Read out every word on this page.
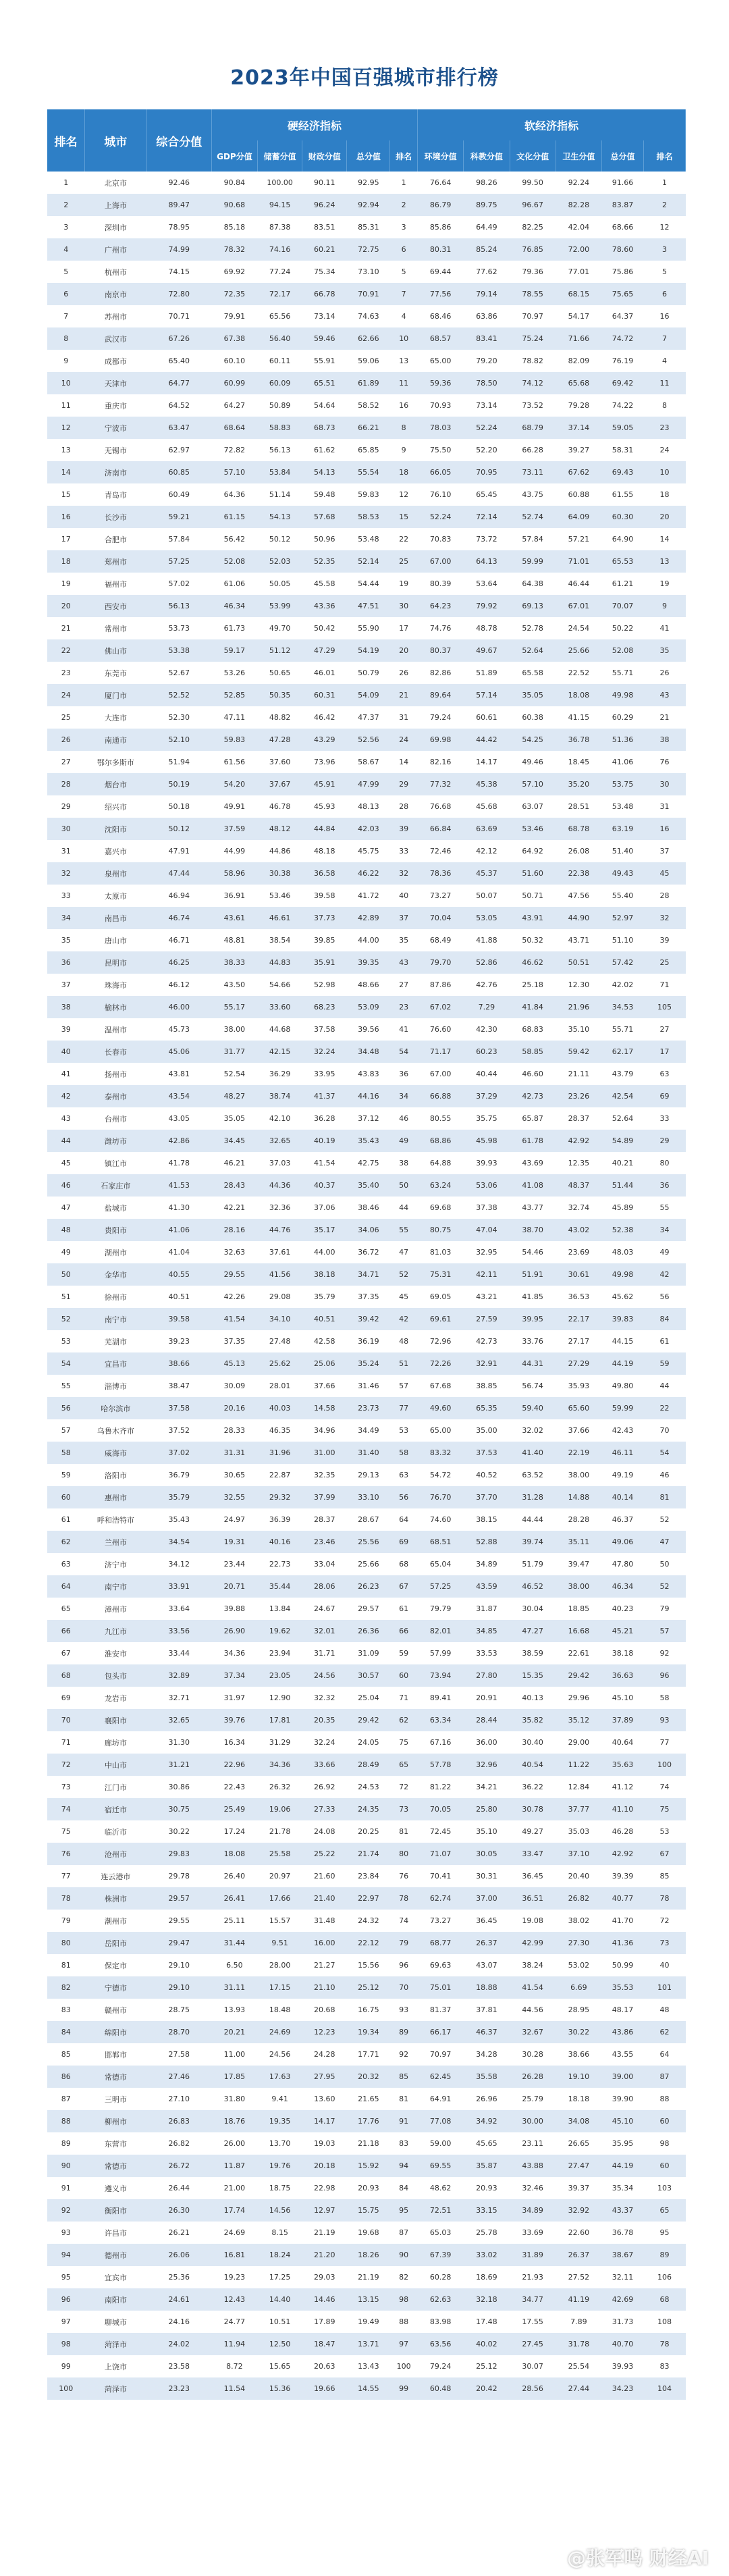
2023年中国百强城市排行榜
排名	城市	综合分值	硬经济指标					软经济指标					
			GDP分值	储蓄分值	财政分值	总分值	排名	环境分值	科教分值	文化分值	卫生分值	总分值	排名
1	北京市	92.46	90.84	100.00	90.11	92.95	1	76.64	98.26	99.50	92.24	91.66	1
2	上海市	89.47	90.68	94.15	96.24	92.94	2	86.79	89.75	96.67	82.28	83.87	2
3	深圳市	78.95	85.18	87.38	83.51	85.31	3	85.86	64.49	82.25	42.04	68.66	12
4	广州市	74.99	78.32	74.16	60.21	72.75	6	80.31	85.24	76.85	72.00	78.60	3
5	杭州市	74.15	69.92	77.24	75.34	73.10	5	69.44	77.62	79.36	77.01	75.86	5
6	南京市	72.80	72.35	72.17	66.78	70.91	7	77.56	79.14	78.55	68.15	75.65	6
7	苏州市	70.71	79.91	65.56	73.14	74.63	4	68.46	63.86	70.97	54.17	64.37	16
8	武汉市	67.26	67.38	56.40	59.46	62.66	10	68.57	83.41	75.24	71.66	74.72	7
9	成都市	65.40	60.10	60.11	55.91	59.06	13	65.00	79.20	78.82	82.09	76.19	4
10	天津市	64.77	60.99	60.09	65.51	61.89	11	59.36	78.50	74.12	65.68	69.42	11
11	重庆市	64.52	64.27	50.89	54.64	58.52	16	70.93	73.14	73.52	79.28	74.22	8
12	宁波市	63.47	68.64	58.83	68.73	66.21	8	78.03	52.24	68.79	37.14	59.05	23
13	无锡市	62.97	72.82	56.13	61.62	65.85	9	75.50	52.20	66.28	39.27	58.31	24
14	济南市	60.85	57.10	53.84	54.13	55.54	18	66.05	70.95	73.11	67.62	69.43	10
15	青岛市	60.49	64.36	51.14	59.48	59.83	12	76.10	65.45	43.75	60.88	61.55	18
16	长沙市	59.21	61.15	54.13	57.68	58.53	15	52.24	72.14	52.74	64.09	60.30	20
17	合肥市	57.84	56.42	50.12	50.96	53.48	22	70.83	73.72	57.84	57.21	64.90	14
18	郑州市	57.25	52.08	52.03	52.35	52.14	25	67.00	64.13	59.99	71.01	65.53	13
19	福州市	57.02	61.06	50.05	45.58	54.44	19	80.39	53.64	64.38	46.44	61.21	19
20	西安市	56.13	46.34	53.99	43.36	47.51	30	64.23	79.92	69.13	67.01	70.07	9
21	常州市	53.73	61.73	49.70	50.42	55.90	17	74.76	48.78	52.78	24.54	50.22	41
22	佛山市	53.38	59.17	51.12	47.29	54.19	20	80.37	49.67	52.64	25.66	52.08	35
23	东莞市	52.67	53.26	50.65	46.01	50.79	26	82.86	51.89	65.58	22.52	55.71	26
24	厦门市	52.52	52.85	50.35	60.31	54.09	21	89.64	57.14	35.05	18.08	49.98	43
25	大连市	52.30	47.11	48.82	46.42	47.37	31	79.24	60.61	60.38	41.15	60.29	21
26	南通市	52.10	59.83	47.28	43.29	52.56	24	69.98	44.42	54.25	36.78	51.36	38
27	鄂尔多斯市	51.94	61.56	37.60	73.96	58.67	14	82.16	14.17	49.46	18.45	41.06	76
28	烟台市	50.19	54.20	37.67	45.91	47.99	29	77.32	45.38	57.10	35.20	53.75	30
29	绍兴市	50.18	49.91	46.78	45.93	48.13	28	76.68	45.68	63.07	28.51	53.48	31
30	沈阳市	50.12	37.59	48.12	44.84	42.03	39	66.84	63.69	53.46	68.78	63.19	16
31	嘉兴市	47.91	44.99	44.86	48.18	45.75	33	72.46	42.12	64.92	26.08	51.40	37
32	泉州市	47.44	58.96	30.38	36.58	46.22	32	78.36	45.37	51.60	22.38	49.43	45
33	太原市	46.94	36.91	53.46	39.58	41.72	40	73.27	50.07	50.71	47.56	55.40	28
34	南昌市	46.74	43.61	46.61	37.73	42.89	37	70.04	53.05	43.91	44.90	52.97	32
35	唐山市	46.71	48.81	38.54	39.85	44.00	35	68.49	41.88	50.32	43.71	51.10	39
36	昆明市	46.25	38.33	44.83	35.91	39.35	43	79.70	52.86	46.62	50.51	57.42	25
37	珠海市	46.12	43.50	54.66	52.98	48.66	27	87.86	42.76	25.18	12.30	42.02	71
38	榆林市	46.00	55.17	33.60	68.23	53.09	23	67.02	7.29	41.84	21.96	34.53	105
39	温州市	45.73	38.00	44.68	37.58	39.56	41	76.60	42.30	68.83	35.10	55.71	27
40	长春市	45.06	31.77	42.15	32.24	34.48	54	71.17	60.23	58.85	59.42	62.17	17
41	扬州市	43.81	52.54	36.29	33.95	43.83	36	67.00	40.44	46.60	21.11	43.79	63
42	泰州市	43.54	48.27	38.74	41.37	44.16	34	66.88	37.29	42.73	23.26	42.54	69
43	台州市	43.05	35.05	42.10	36.28	37.12	46	80.55	35.75	65.87	28.37	52.64	33
44	潍坊市	42.86	34.45	32.65	40.19	35.43	49	68.86	45.98	61.78	42.92	54.89	29
45	镇江市	41.78	46.21	37.03	41.54	42.75	38	64.88	39.93	43.69	12.35	40.21	80
46	石家庄市	41.53	28.43	44.36	40.37	35.40	50	63.24	53.06	41.08	48.37	51.44	36
47	盐城市	41.30	42.21	32.36	37.06	38.46	44	69.68	37.38	43.77	32.74	45.89	55
48	贵阳市	41.06	28.16	44.76	35.17	34.06	55	80.75	47.04	38.70	43.02	52.38	34
49	湖州市	41.04	32.63	37.61	44.00	36.72	47	81.03	32.95	54.46	23.69	48.03	49
50	金华市	40.55	29.55	41.56	38.18	34.71	52	75.31	42.11	51.91	30.61	49.98	42
51	徐州市	40.51	42.26	29.08	35.79	37.35	45	69.05	43.21	41.85	36.53	45.62	56
52	南宁市	39.58	41.54	34.10	40.51	39.42	42	69.61	27.59	39.95	22.17	39.83	84
53	芜湖市	39.23	37.35	27.48	42.58	36.19	48	72.96	42.73	33.76	27.17	44.15	61
54	宜昌市	38.66	45.13	25.62	25.06	35.24	51	72.26	32.91	44.31	27.29	44.19	59
55	淄博市	38.47	30.09	28.01	37.66	31.46	57	67.68	38.85	56.74	35.93	49.80	44
56	哈尔滨市	37.58	20.16	40.03	14.58	23.73	77	49.60	65.35	59.40	65.60	59.99	22
57	乌鲁木齐市	37.52	28.33	46.35	34.96	34.49	53	65.00	35.00	32.02	37.66	42.43	70
58	威海市	37.02	31.31	31.96	31.00	31.40	58	83.32	37.53	41.40	22.19	46.11	54
59	洛阳市	36.79	30.65	22.87	32.35	29.13	63	54.72	40.52	63.52	38.00	49.19	46
60	惠州市	35.79	32.55	29.32	37.99	33.10	56	76.70	37.70	31.28	14.88	40.14	81
61	呼和浩特市	35.43	24.97	36.39	28.37	28.67	64	74.60	38.15	44.44	28.28	46.37	52
62	兰州市	34.54	19.31	40.16	23.46	25.56	69	68.51	52.88	39.74	35.11	49.06	47
63	济宁市	34.12	23.44	22.73	33.04	25.66	68	65.04	34.89	51.79	39.47	47.80	50
64	南宁市	33.91	20.71	35.44	28.06	26.23	67	57.25	43.59	46.52	38.00	46.34	52
65	漳州市	33.64	39.88	13.84	24.67	29.57	61	79.79	31.87	30.04	18.85	40.23	79
66	九江市	33.56	26.90	19.62	32.01	26.36	66	82.01	34.85	47.27	16.68	45.21	57
67	淮安市	33.44	34.36	23.94	31.71	31.09	59	57.99	33.53	38.59	22.61	38.18	92
68	包头市	32.89	37.34	23.05	24.56	30.57	60	73.94	27.80	15.35	29.42	36.63	96
69	龙岩市	32.71	31.97	12.90	32.32	25.04	71	89.41	20.91	40.13	29.96	45.10	58
70	襄阳市	32.65	39.76	17.81	20.35	29.42	62	63.34	28.44	35.82	35.12	37.89	93
71	廊坊市	31.30	16.34	31.29	32.24	24.05	75	67.16	36.00	30.40	29.00	40.64	77
72	中山市	31.21	22.96	34.36	33.66	28.49	65	57.78	32.96	40.54	11.22	35.63	100
73	江门市	30.86	22.43	26.32	26.92	24.53	72	81.22	34.21	36.22	12.84	41.12	74
74	宿迁市	30.75	25.49	19.06	27.33	24.35	73	70.05	25.80	30.78	37.77	41.10	75
75	临沂市	30.22	17.24	21.78	24.08	20.25	81	72.45	35.10	49.27	35.03	46.28	53
76	沧州市	29.83	18.08	25.58	25.22	21.74	80	71.07	30.05	33.47	37.10	42.92	67
77	连云港市	29.78	26.40	20.97	21.60	23.84	76	70.41	30.31	36.45	20.40	39.39	85
78	株洲市	29.57	26.41	17.66	21.40	22.97	78	62.74	37.00	36.51	26.82	40.77	78
79	潮州市	29.55	25.11	15.57	31.48	24.32	74	73.27	36.45	19.08	38.02	41.70	72
80	岳阳市	29.47	31.44	9.51	16.00	22.12	79	68.77	26.37	42.99	27.30	41.36	73
81	保定市	29.10	6.50	28.00	21.27	15.56	96	69.63	43.07	38.24	53.02	50.99	40
82	宁德市	29.10	31.11	17.15	21.10	25.12	70	75.01	18.88	41.54	6.69	35.53	101
83	赣州市	28.75	13.93	18.48	20.68	16.75	93	81.37	37.81	44.56	28.95	48.17	48
84	绵阳市	28.70	20.21	24.69	12.23	19.34	89	66.17	46.37	32.67	30.22	43.86	62
85	邯郸市	27.58	11.00	24.56	24.28	17.71	92	70.97	34.28	30.28	38.66	43.55	64
86	常德市	27.46	17.85	17.63	27.95	20.32	85	62.45	35.58	26.28	19.10	39.00	87
87	三明市	27.10	31.80	9.41	13.60	21.65	81	64.91	26.96	25.79	18.18	39.90	88
88	柳州市	26.83	18.76	19.35	14.17	17.76	91	77.08	34.92	30.00	34.08	45.10	60
89	东营市	26.82	26.00	13.70	19.03	21.18	83	59.00	45.65	23.11	26.65	35.95	98
90	常德市	26.72	11.87	19.76	20.18	15.92	94	69.55	35.87	43.88	27.47	44.19	60
91	遵义市	26.44	21.00	18.75	22.98	20.93	84	48.62	20.93	32.46	39.37	35.34	103
92	衡阳市	26.30	17.74	14.56	12.97	15.75	95	72.51	33.15	34.89	32.92	43.37	65
93	许昌市	26.21	24.69	8.15	21.19	19.68	87	65.03	25.78	33.69	22.60	36.78	95
94	德州市	26.06	16.81	18.24	21.20	18.26	90	67.39	33.02	31.89	26.37	38.67	89
95	宜宾市	25.36	19.23	17.25	29.03	21.19	82	60.28	18.69	21.93	27.52	32.11	106
96	南阳市	24.61	12.43	14.40	14.46	13.15	98	62.63	32.18	34.77	41.19	42.69	68
97	聊城市	24.16	24.77	10.51	17.89	19.49	88	83.98	17.48	17.55	7.89	31.73	108
98	菏泽市	24.02	11.94	12.50	18.47	13.71	97	63.56	40.02	27.45	31.78	40.70	78
99	上饶市	23.58	8.72	15.65	20.63	13.43	100	79.24	25.12	30.07	25.54	39.93	83
100	菏泽市	23.23	11.54	15.36	19.66	14.55	99	60.48	20.42	28.56	27.44	34.23	104
@张军鸣 财经AI
